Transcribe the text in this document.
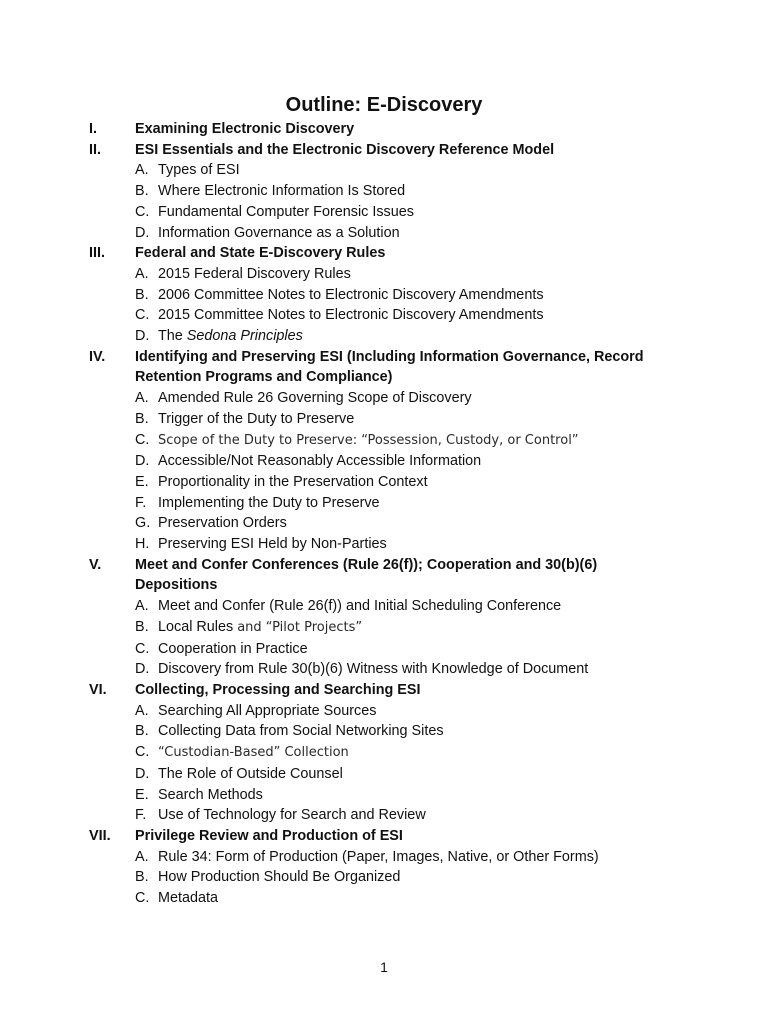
Outline: E-Discovery
I.	Examining Electronic Discovery
II. ESI Essentials and the Electronic Discovery Reference Model
A. Types of ESI
B. Where Electronic Information Is Stored
C. Fundamental Computer Forensic Issues
D. Information Governance as a Solution
III. Federal and State E-Discovery Rules
A. 2015 Federal Discovery Rules
B. 2006 Committee Notes to Electronic Discovery Amendments
C. 2015 Committee Notes to Electronic Discovery Amendments
D. The Sedona Principles
IV. Identifying and Preserving ESI (Including Information Governance, Record Retention Programs and Compliance)
A. Amended Rule 26 Governing Scope of Discovery
B. Trigger of the Duty to Preserve
C. Scope of the Duty to Preserve: “Possession, Custody, or Control”
D. Accessible/Not Reasonably Accessible Information
E. Proportionality in the Preservation Context
F. Implementing the Duty to Preserve
G. Preservation Orders
H. Preserving ESI Held by Non-Parties
V. Meet and Confer Conferences (Rule 26(f)); Cooperation and 30(b)(6) Depositions
A. Meet and Confer (Rule 26(f)) and Initial Scheduling Conference
B. Local Rules and “Pilot Projects”
C. Cooperation in Practice
D. Discovery from Rule 30(b)(6) Witness with Knowledge of Document
VI. Collecting, Processing and Searching ESI
A. Searching All Appropriate Sources
B. Collecting Data from Social Networking Sites
C. “Custodian-Based” Collection
D. The Role of Outside Counsel
E. Search Methods
F. Use of Technology for Search and Review
VII. Privilege Review and Production of ESI
A. Rule 34: Form of Production (Paper, Images, Native, or Other Forms)
B. How Production Should Be Organized
C. Metadata
1
